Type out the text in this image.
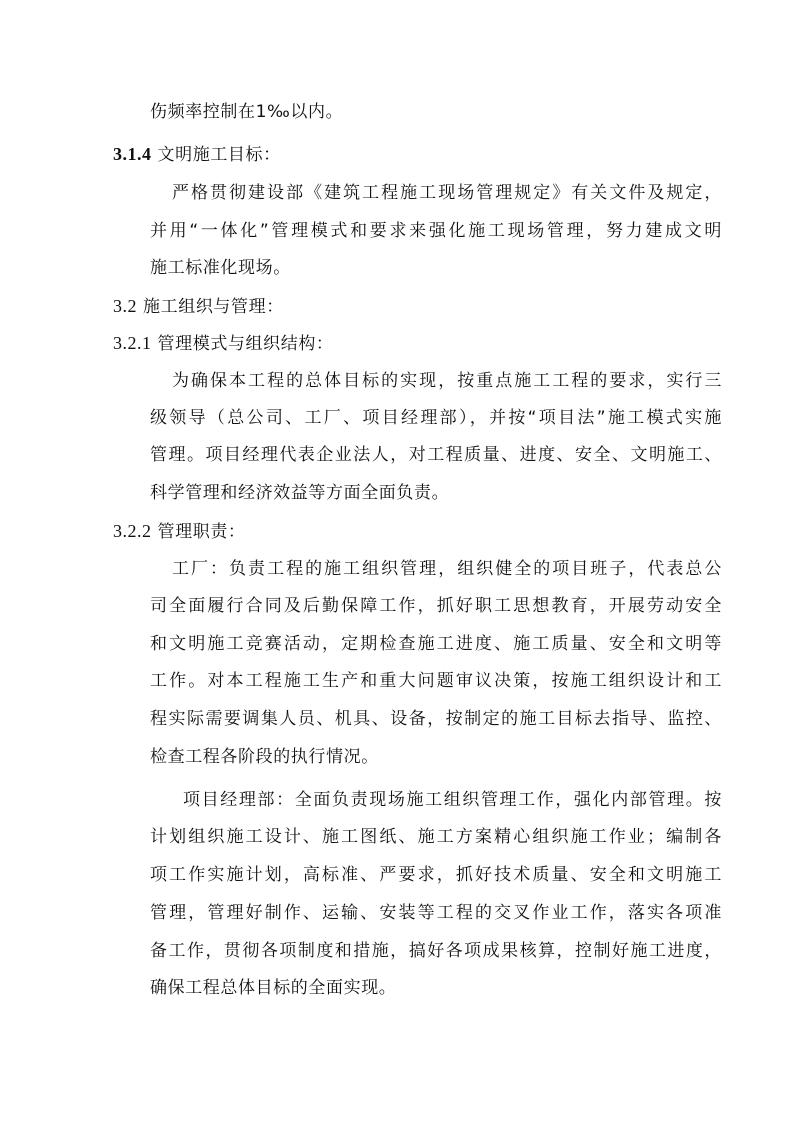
伤频率控制在1‰以内。
3.1.4 文明施工目标：
严格贯彻建设部《建筑工程施工现场管理规定》有关文件及规定，
并用“一体化”管理模式和要求来强化施工现场管理，努力建成文明
施工标准化现场。
3.2 施工组织与管理：
3.2.1 管理模式与组织结构：
为确保本工程的总体目标的实现，按重点施工工程的要求，实行三
级领导（总公司、工厂、项目经理部），并按“项目法”施工模式实施
管理。项目经理代表企业法人，对工程质量、进度、安全、文明施工、
科学管理和经济效益等方面全面负责。
3.2.2 管理职责：
工厂：负责工程的施工组织管理，组织健全的项目班子，代表总公
司全面履行合同及后勤保障工作，抓好职工思想教育，开展劳动安全
和文明施工竞赛活动，定期检查施工进度、施工质量、安全和文明等
工作。对本工程施工生产和重大问题审议决策，按施工组织设计和工
程实际需要调集人员、机具、设备，按制定的施工目标去指导、监控、
检查工程各阶段的执行情况。
项目经理部：全面负责现场施工组织管理工作，强化内部管理。按
计划组织施工设计、施工图纸、施工方案精心组织施工作业；编制各
项工作实施计划，高标准、严要求，抓好技术质量、安全和文明施工
管理，管理好制作、运输、安装等工程的交叉作业工作，落实各项准
备工作，贯彻各项制度和措施，搞好各项成果核算，控制好施工进度，
确保工程总体目标的全面实现。
